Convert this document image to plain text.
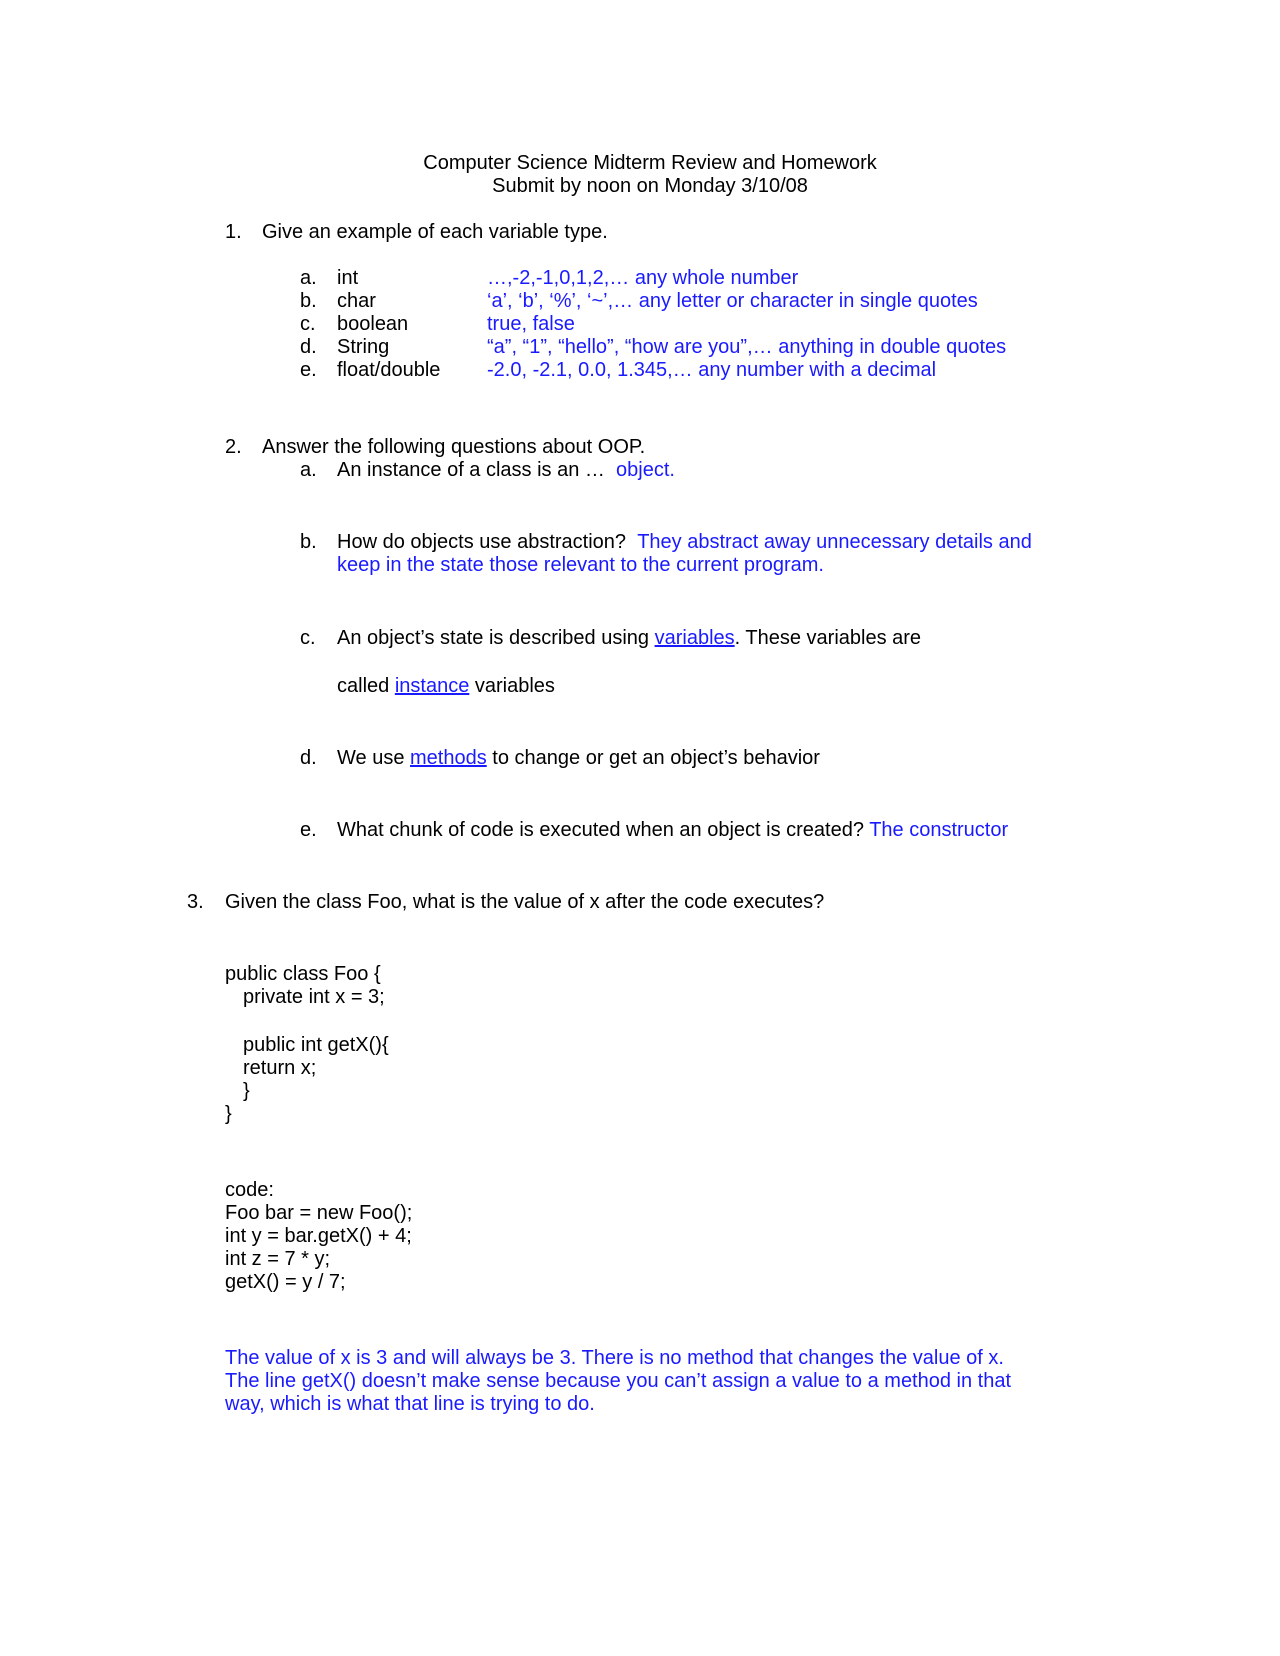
Computer Science Midterm Review and Homework
Submit by noon on Monday 3/10/08
1. Give an example of each variable type.
a. int	…,-2,-1,0,1,2,… any whole number
b. char	‘a’, ‘b’, ‘%’, ‘~’,… any letter or character in single quotes
c. boolean	true, false
d. String	“a”, “1”, “hello”, “how are you”,… anything in double quotes
e. float/double -2.0, -2.1, 0.0, 1.345,… any number with a decimal
2. Answer the following questions about OOP.
a. An instance of a class is an … object.
b. How do objects use abstraction? They abstract away unnecessary details and
keep in the state those relevant to the current program.
c. An object’s state is described using variables. These variables are
called instance variables
d. We use methods to change or get an object’s behavior
e. What chunk of code is executed when an object is created? The constructor
3. Given the class Foo, what is the value of x after the code executes?
public class Foo {
private int x = 3;
public int getX(){
return x;
}
}
code:
Foo bar = new Foo();
int y = bar.getX() + 4;
int z = 7 * y;
getX() = y / 7;
The value of x is 3 and will always be 3. There is no method that changes the value of x.
The line getX() doesn’t make sense because you can’t assign a value to a method in that
way, which is what that line is trying to do.
